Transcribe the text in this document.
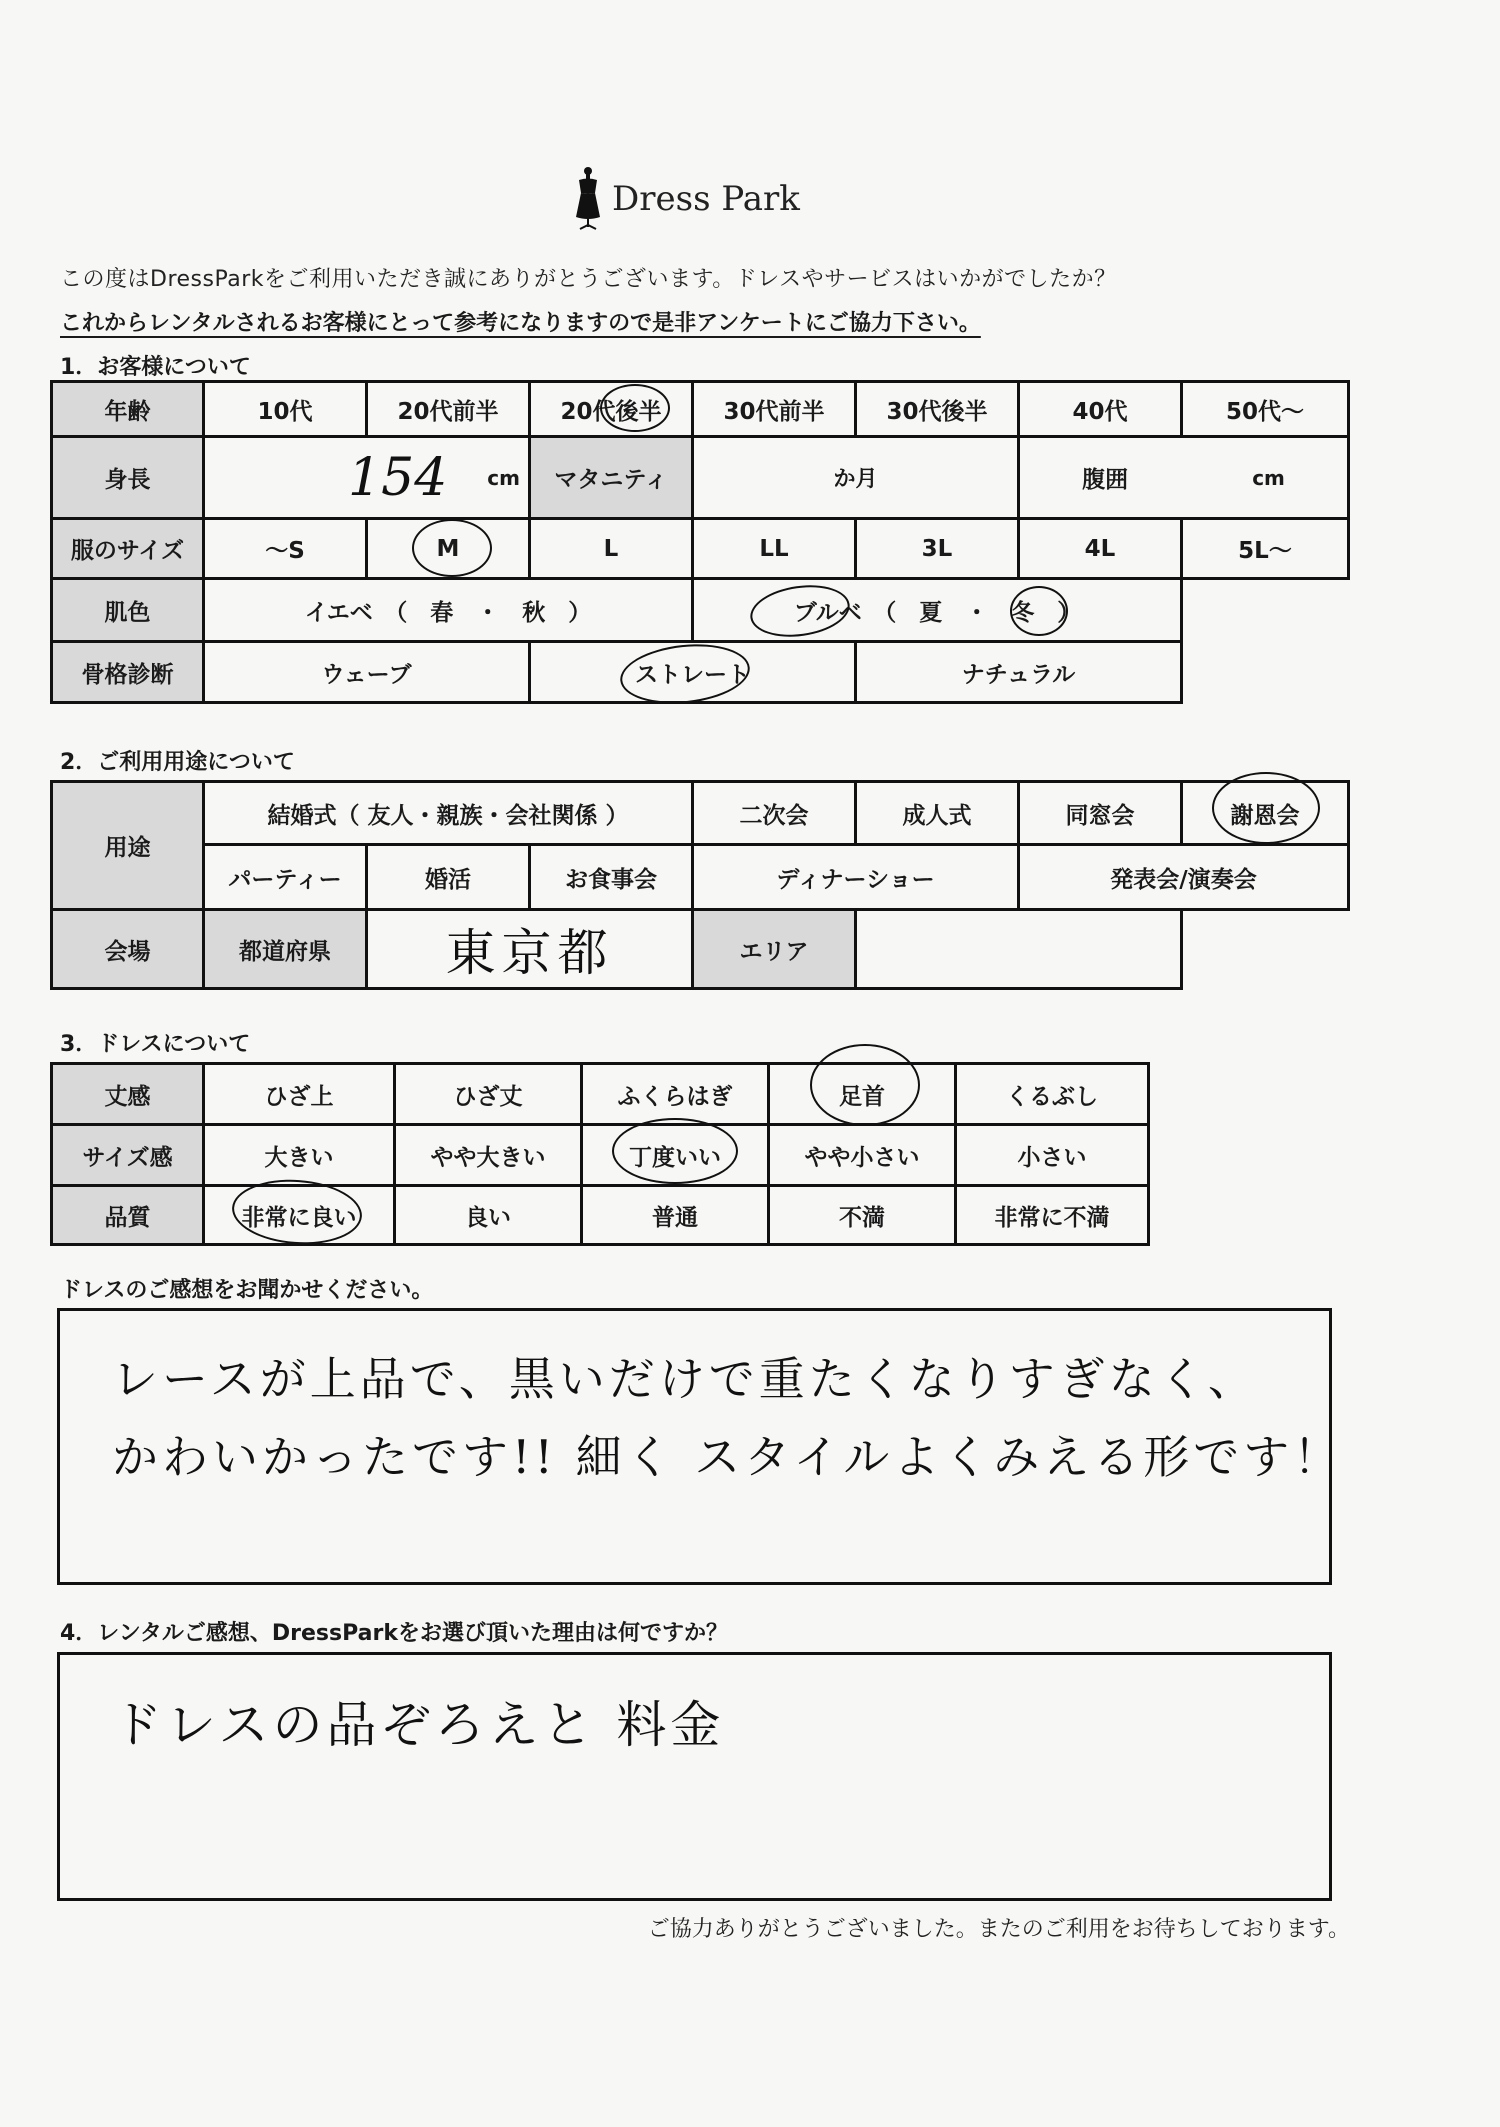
Dress Park
この度はDressParkをご利用いただき誠にありがとうございます。ドレスやサービスはいかがでしたか？
これからレンタルされるお客様にとって参考になりますので是非アンケートにご協力下さい。
1．お客様について
年齢	10代	20代前半	20代後半	30代前半	30代後半	40代	50代～
身長	154 cm	マタニティ	か月	腹囲	cm
服のサイズ	～S	M	L	LL	3L	4L	5L～
肌色	イエベ　（　春　・　秋　）	ブルベ　（　夏　・　冬　）
骨格診断	ウェーブ	ストレート	ナチュラル
2．ご利用用途について
用途
結婚式（ 友人・親族・会社関係 ）	二次会	成人式	同窓会	謝恩会
パーティー	婚活	お食事会	ディナーショー	発表会/演奏会
会場	都道府県	東京都	エリア
3．ドレスについて
丈感	ひざ上	ひざ丈	ふくらはぎ	足首	くるぶし
サイズ感	大きい	やや大きい	丁度いい	やや小さい	小さい
品質	非常に良い	良い	普通	不満	非常に不満
ドレスのご感想をお聞かせください。
レースが上品で、黒いだけで重たくなりすぎなく、
かわいかったです!! 細く スタイルよくみえる形です！
4．レンタルご感想、DressParkをお選び頂いた理由は何ですか？
ドレスの品ぞろえと 料金
ご協力ありがとうございました。またのご利用をお待ちしております。
